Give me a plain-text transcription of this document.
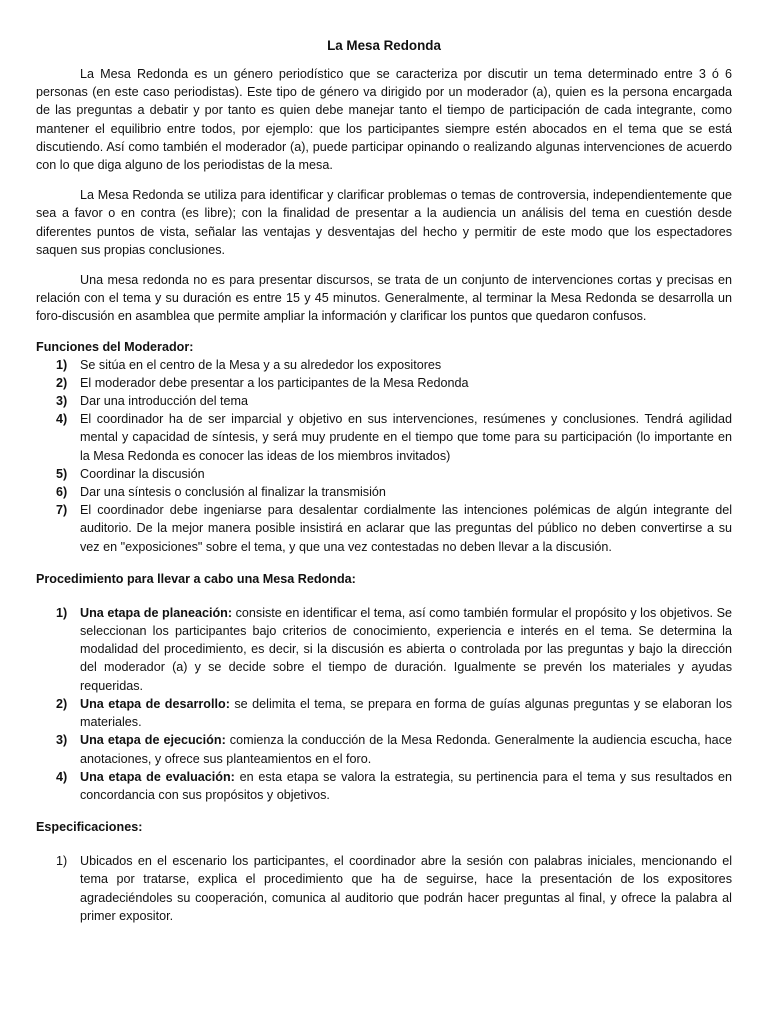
La Mesa Redonda

La Mesa Redonda es un género periodístico que se caracteriza por discutir un tema determinado entre 3 ó 6 personas (en este caso periodistas). Este tipo de género va dirigido por un moderador (a), quien es la persona encargada de las preguntas a debatir y por tanto es quien debe manejar tanto el tiempo de participación de cada integrante, como mantener el equilibrio entre todos, por ejemplo: que los participantes siempre estén abocados en el tema que se está discutiendo. Así como también el moderador (a), puede participar opinando o realizando algunas intervenciones de acuerdo con lo que diga alguno de los periodistas de la mesa.

La Mesa Redonda se utiliza para identificar y clarificar problemas o temas de controversia, independientemente que sea a favor o en contra (es libre); con la finalidad de presentar a la audiencia un análisis del tema en cuestión desde diferentes puntos de vista, señalar las ventajas y desventajas del hecho y permitir de este modo que los espectadores saquen sus propias conclusiones.

Una mesa redonda no es para presentar discursos, se trata de un conjunto de intervenciones cortas y precisas en relación con el tema y su duración es entre 15 y 45 minutos. Generalmente, al terminar la Mesa Redonda se desarrolla un foro-discusión en asamblea que permite ampliar la información y clarificar los puntos que quedaron confusos.

Funciones del Moderador:
1) Se sitúa en el centro de la Mesa y a su alrededor los expositores
2) El moderador debe presentar a los participantes de la Mesa Redonda
3) Dar una introducción del tema
4) El coordinador ha de ser imparcial y objetivo en sus intervenciones, resúmenes y conclusiones. Tendrá agilidad mental y capacidad de síntesis, y será muy prudente en el tiempo que tome para su participación (lo importante en la Mesa Redonda es conocer las ideas de los miembros invitados)
5) Coordinar la discusión
6) Dar una síntesis o conclusión al finalizar la transmisión
7) El coordinador debe ingeniarse para desalentar cordialmente las intenciones polémicas de algún integrante del auditorio. De la mejor manera posible insistirá en aclarar que las preguntas del público no deben convertirse a su vez en "exposiciones" sobre el tema, y que una vez contestadas no deben llevar a la discusión.
Procedimiento para llevar a cabo una Mesa Redonda:
1) Una etapa de planeación: consiste en identificar el tema, así como también formular el propósito y los objetivos. Se seleccionan los participantes bajo criterios de conocimiento, experiencia e interés en el tema. Se determina la modalidad del procedimiento, es decir, si la discusión es abierta o controlada por las preguntas y bajo la dirección del moderador (a) y se decide sobre el tiempo de duración. Igualmente se prevén los materiales y ayudas requeridas.
2) Una etapa de desarrollo: se delimita el tema, se prepara en forma de guías algunas preguntas y se elaboran los materiales.
3) Una etapa de ejecución: comienza la conducción de la Mesa Redonda. Generalmente la audiencia escucha, hace anotaciones, y ofrece sus planteamientos en el foro.
4) Una etapa de evaluación: en esta etapa se valora la estrategia, su pertinencia para el tema y sus resultados en concordancia con sus propósitos y objetivos.
Especificaciones:
1) Ubicados en el escenario los participantes, el coordinador abre la sesión con palabras iniciales, mencionando el tema por tratarse, explica el procedimiento que ha de seguirse, hace la presentación de los expositores agradeciéndoles su cooperación, comunica al auditorio que podrán hacer preguntas al final, y ofrece la palabra al primer expositor.
